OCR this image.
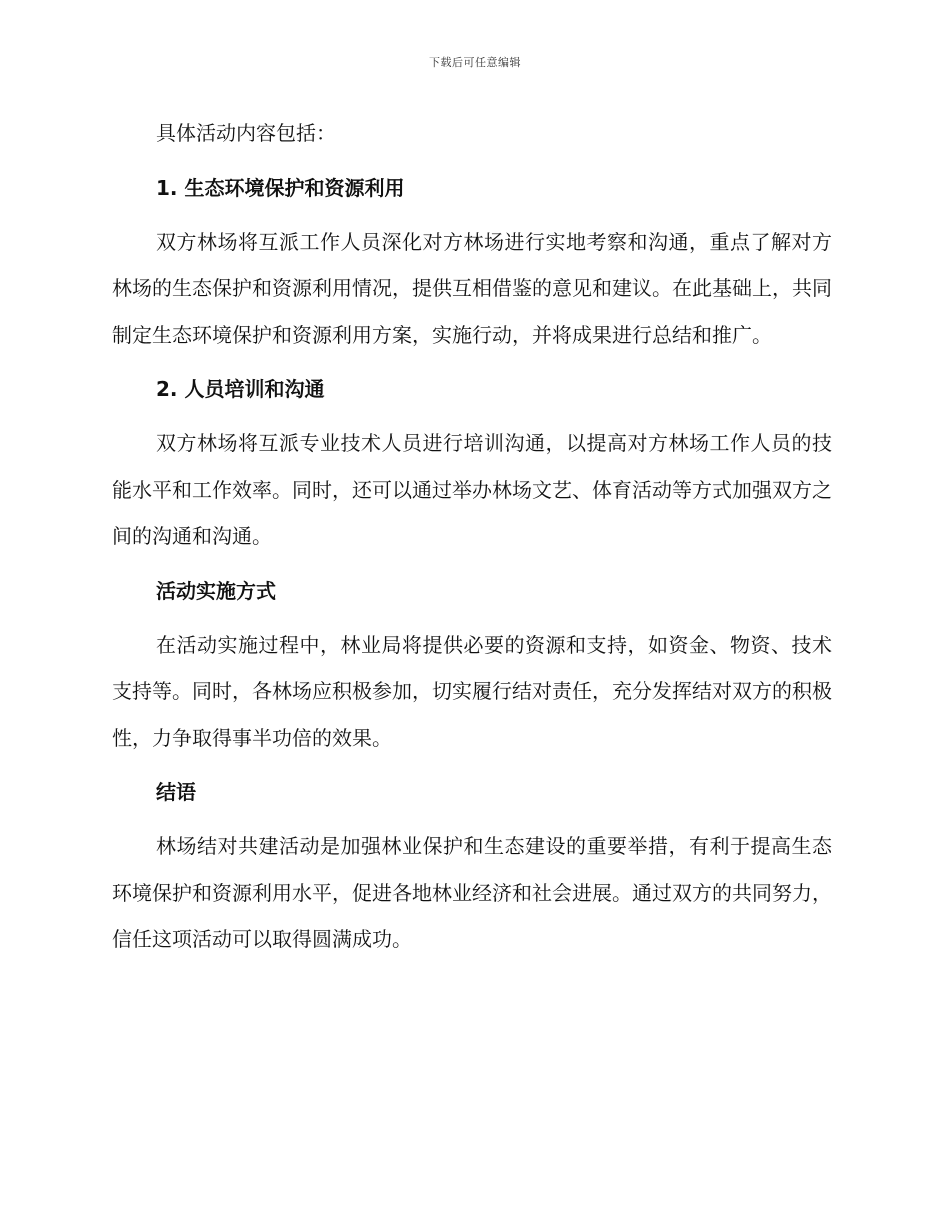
下载后可任意编辑

具体活动内容包括：

1. 生态环境保护和资源利用

双方林场将互派工作人员深化对方林场进行实地考察和沟通，重点了解对方林场的生态保护和资源利用情况，提供互相借鉴的意见和建议。在此基础上，共同制定生态环境保护和资源利用方案，实施行动，并将成果进行总结和推广。

2. 人员培训和沟通

双方林场将互派专业技术人员进行培训沟通，以提高对方林场工作人员的技能水平和工作效率。同时，还可以通过举办林场文艺、体育活动等方式加强双方之间的沟通和沟通。

活动实施方式

在活动实施过程中，林业局将提供必要的资源和支持，如资金、物资、技术支持等。同时，各林场应积极参加，切实履行结对责任，充分发挥结对双方的积极性，力争取得事半功倍的效果。

结语

林场结对共建活动是加强林业保护和生态建设的重要举措，有利于提高生态环境保护和资源利用水平，促进各地林业经济和社会进展。通过双方的共同努力，信任这项活动可以取得圆满成功。
